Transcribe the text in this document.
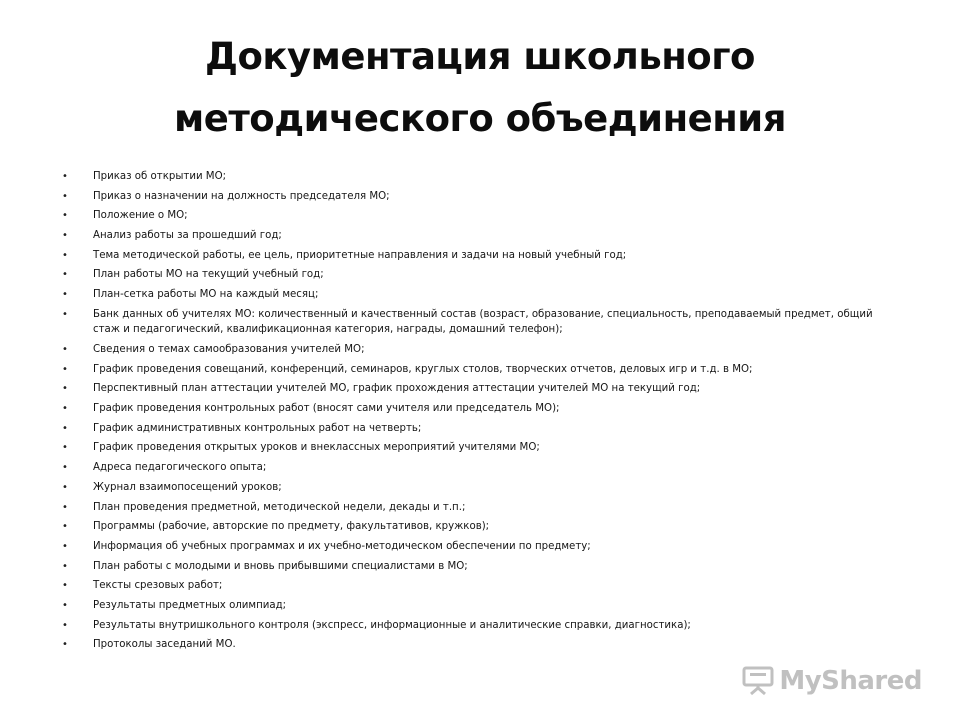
Документация школьного
методического объединения
• Приказ об открытии МО;
• Приказ о назначении на должность председателя МО;
• Положение о МО;
• Анализ работы за прошедший год;
• Тема методической работы, ее цель, приоритетные направления и задачи на новый учебный год;
• План работы МО на текущий учебный год;
• План-сетка работы МО на каждый месяц;
• Банк данных об учителях МО: количественный и качественный состав (возраст, образование, специальность, преподаваемый предмет, общий стаж и педагогический, квалификационная категория, награды, домашний телефон);
• Сведения о темах самообразования учителей МО;
• График проведения совещаний, конференций, семинаров, круглых столов, творческих отчетов, деловых игр и т.д. в МО;
• Перспективный план аттестации учителей МО, график прохождения аттестации учителей МО на текущий год;
• График проведения контрольных работ (вносят сами учителя или председатель МО);
• График административных контрольных работ на четверть;
• График проведения открытых уроков и внеклассных мероприятий учителями МО;
• Адреса педагогического опыта;
• Журнал взаимопосещений уроков;
• План проведения предметной, методической недели, декады и т.п.;
• Программы (рабочие, авторские по предмету, факультативов, кружков);
• Информация об учебных программах и их учебно-методическом обеспечении по предмету;
• План работы с молодыми и вновь прибывшими специалистами в МО;
• Тексты срезовых работ;
• Результаты предметных олимпиад;
• Результаты внутришкольного контроля (экспресс, информационные и аналитические справки, диагностика);
• Протоколы заседаний МО.
MyShared
